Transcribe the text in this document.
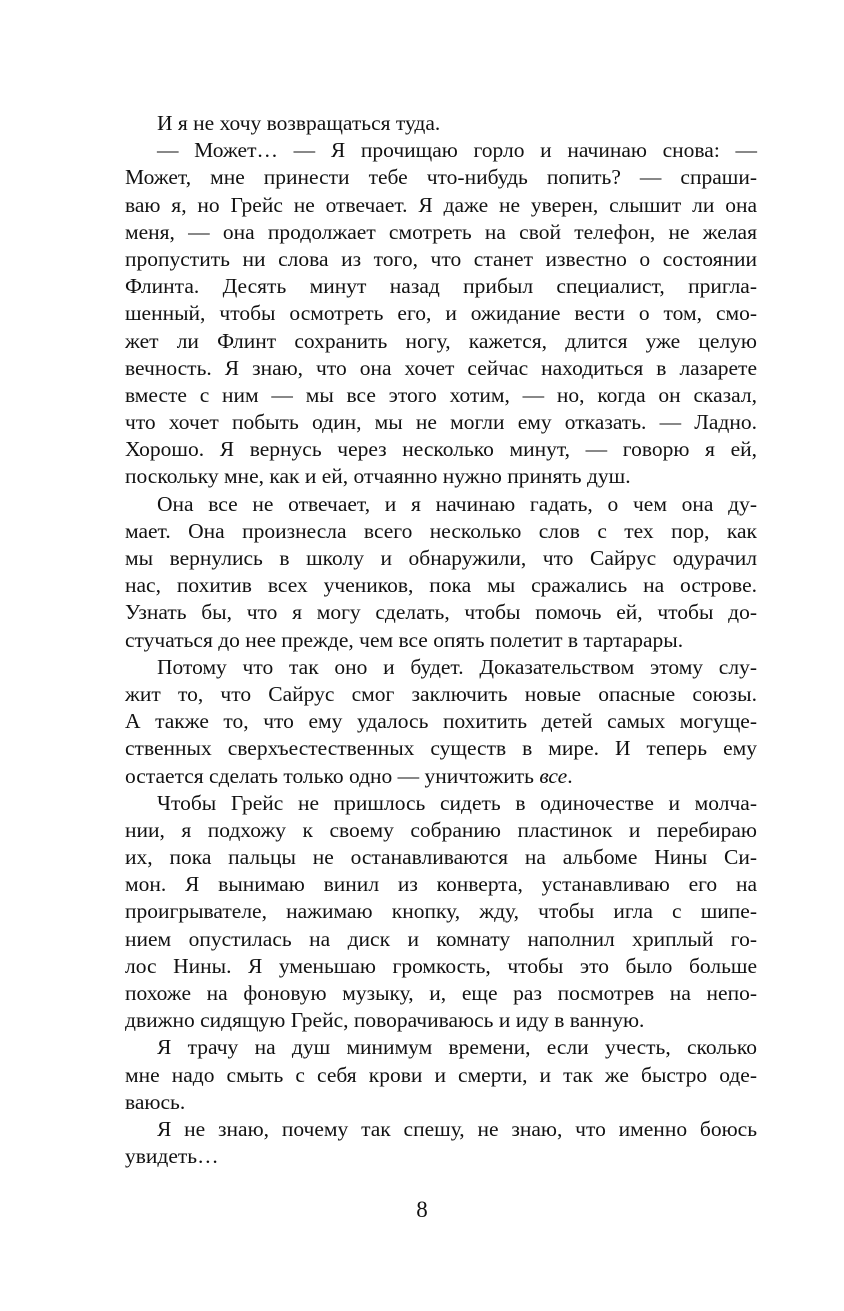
И я не хочу возвращаться туда.
— Может… — Я прочищаю горло и начинаю снова: —
Может, мне принести тебе что-нибудь попить? — спраши-
ваю я, но Грейс не отвечает. Я даже не уверен, слышит ли она
меня, — она продолжает смотреть на свой телефон, не желая
пропустить ни слова из того, что станет известно о состоянии
Флинта. Десять минут назад прибыл специалист, пригла-
шенный, чтобы осмотреть его, и ожидание вести о том, смо-
жет ли Флинт сохранить ногу, кажется, длится уже целую
вечность. Я знаю, что она хочет сейчас находиться в лазарете
вместе с ним — мы все этого хотим, — но, когда он сказал,
что хочет побыть один, мы не могли ему отказать. — Ладно.
Хорошо. Я вернусь через несколько минут, — говорю я ей,
поскольку мне, как и ей, отчаянно нужно принять душ.
Она все не отвечает, и я начинаю гадать, о чем она ду-
мает. Она произнесла всего несколько слов с тех пор, как
мы вернулись в школу и обнаружили, что Сайрус одурачил
нас, похитив всех учеников, пока мы сражались на острове.
Узнать бы, что я могу сделать, чтобы помочь ей, чтобы до-
стучаться до нее прежде, чем все опять полетит в тартарары.
Потому что так оно и будет. Доказательством этому слу-
жит то, что Сайрус смог заключить новые опасные союзы.
А также то, что ему удалось похитить детей самых могуще-
ственных сверхъестественных существ в мире. И теперь ему
остается сделать только одно — уничтожить все.
Чтобы Грейс не пришлось сидеть в одиночестве и молча-
нии, я подхожу к своему собранию пластинок и перебираю
их, пока пальцы не останавливаются на альбоме Нины Си-
мон. Я вынимаю винил из конверта, устанавливаю его на
проигрывателе, нажимаю кнопку, жду, чтобы игла с шипе-
нием опустилась на диск и комнату наполнил хриплый го-
лос Нины. Я уменьшаю громкость, чтобы это было больше
похоже на фоновую музыку, и, еще раз посмотрев на непо-
движно сидящую Грейс, поворачиваюсь и иду в ванную.
Я трачу на душ минимум времени, если учесть, сколько
мне надо смыть с себя крови и смерти, и так же быстро оде-
ваюсь.
Я не знаю, почему так спешу, не знаю, что именно боюсь
увидеть…
8
